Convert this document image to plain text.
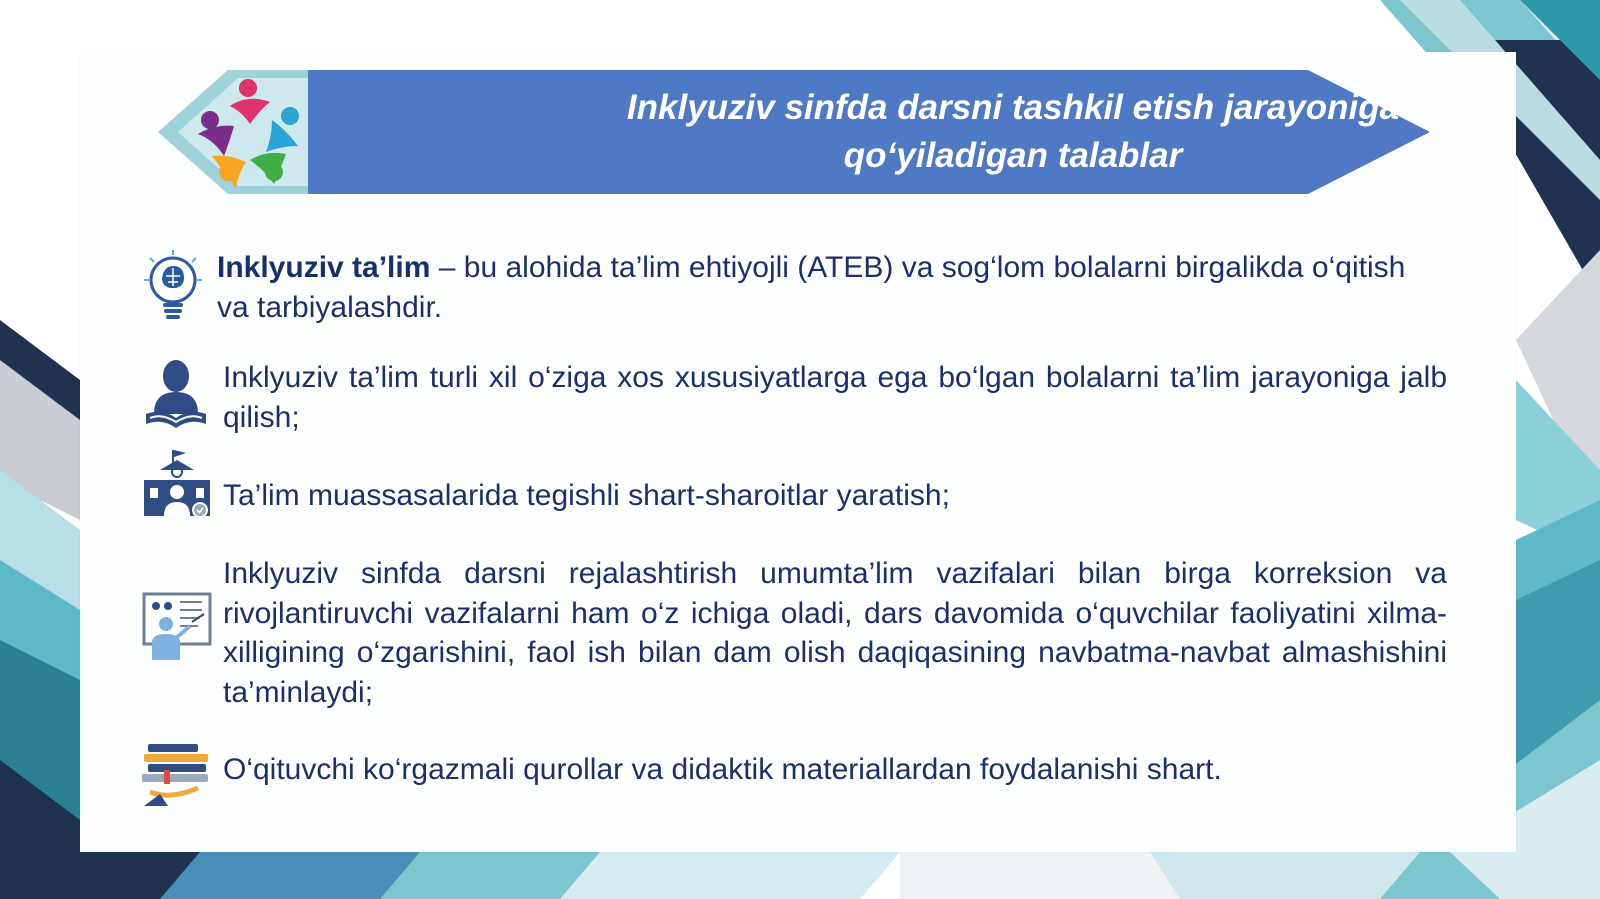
Inklyuziv sinfda darsni tashkil etish jarayoniga
qo‘yiladigan talablar
Inklyuziv ta’lim – bu alohida ta’lim ehtiyojli (ATEB) va sog‘lom bolalarni birgalikda o‘qitish va tarbiyalashdir.
Inklyuziv ta’lim turli xil o‘ziga xos xususiyatlarga ega bo‘lgan bolalarni ta’lim jarayoniga jalb qilish;
Ta’lim muassasalarida tegishli shart-sharoitlar yaratish;
Inklyuziv sinfda darsni rejalashtirish umumta’lim vazifalari bilan birga korreksion va rivojlantiruvchi vazifalarni ham o‘z ichiga oladi, dars davomida o‘quvchilar faoliyatini xilma-xilligining o‘zgarishini, faol ish bilan dam olish daqiqasining navbatma-navbat almashishini ta’minlaydi;
O‘qituvchi ko‘rgazmali qurollar va didaktik materiallardan foydalanishi shart.
